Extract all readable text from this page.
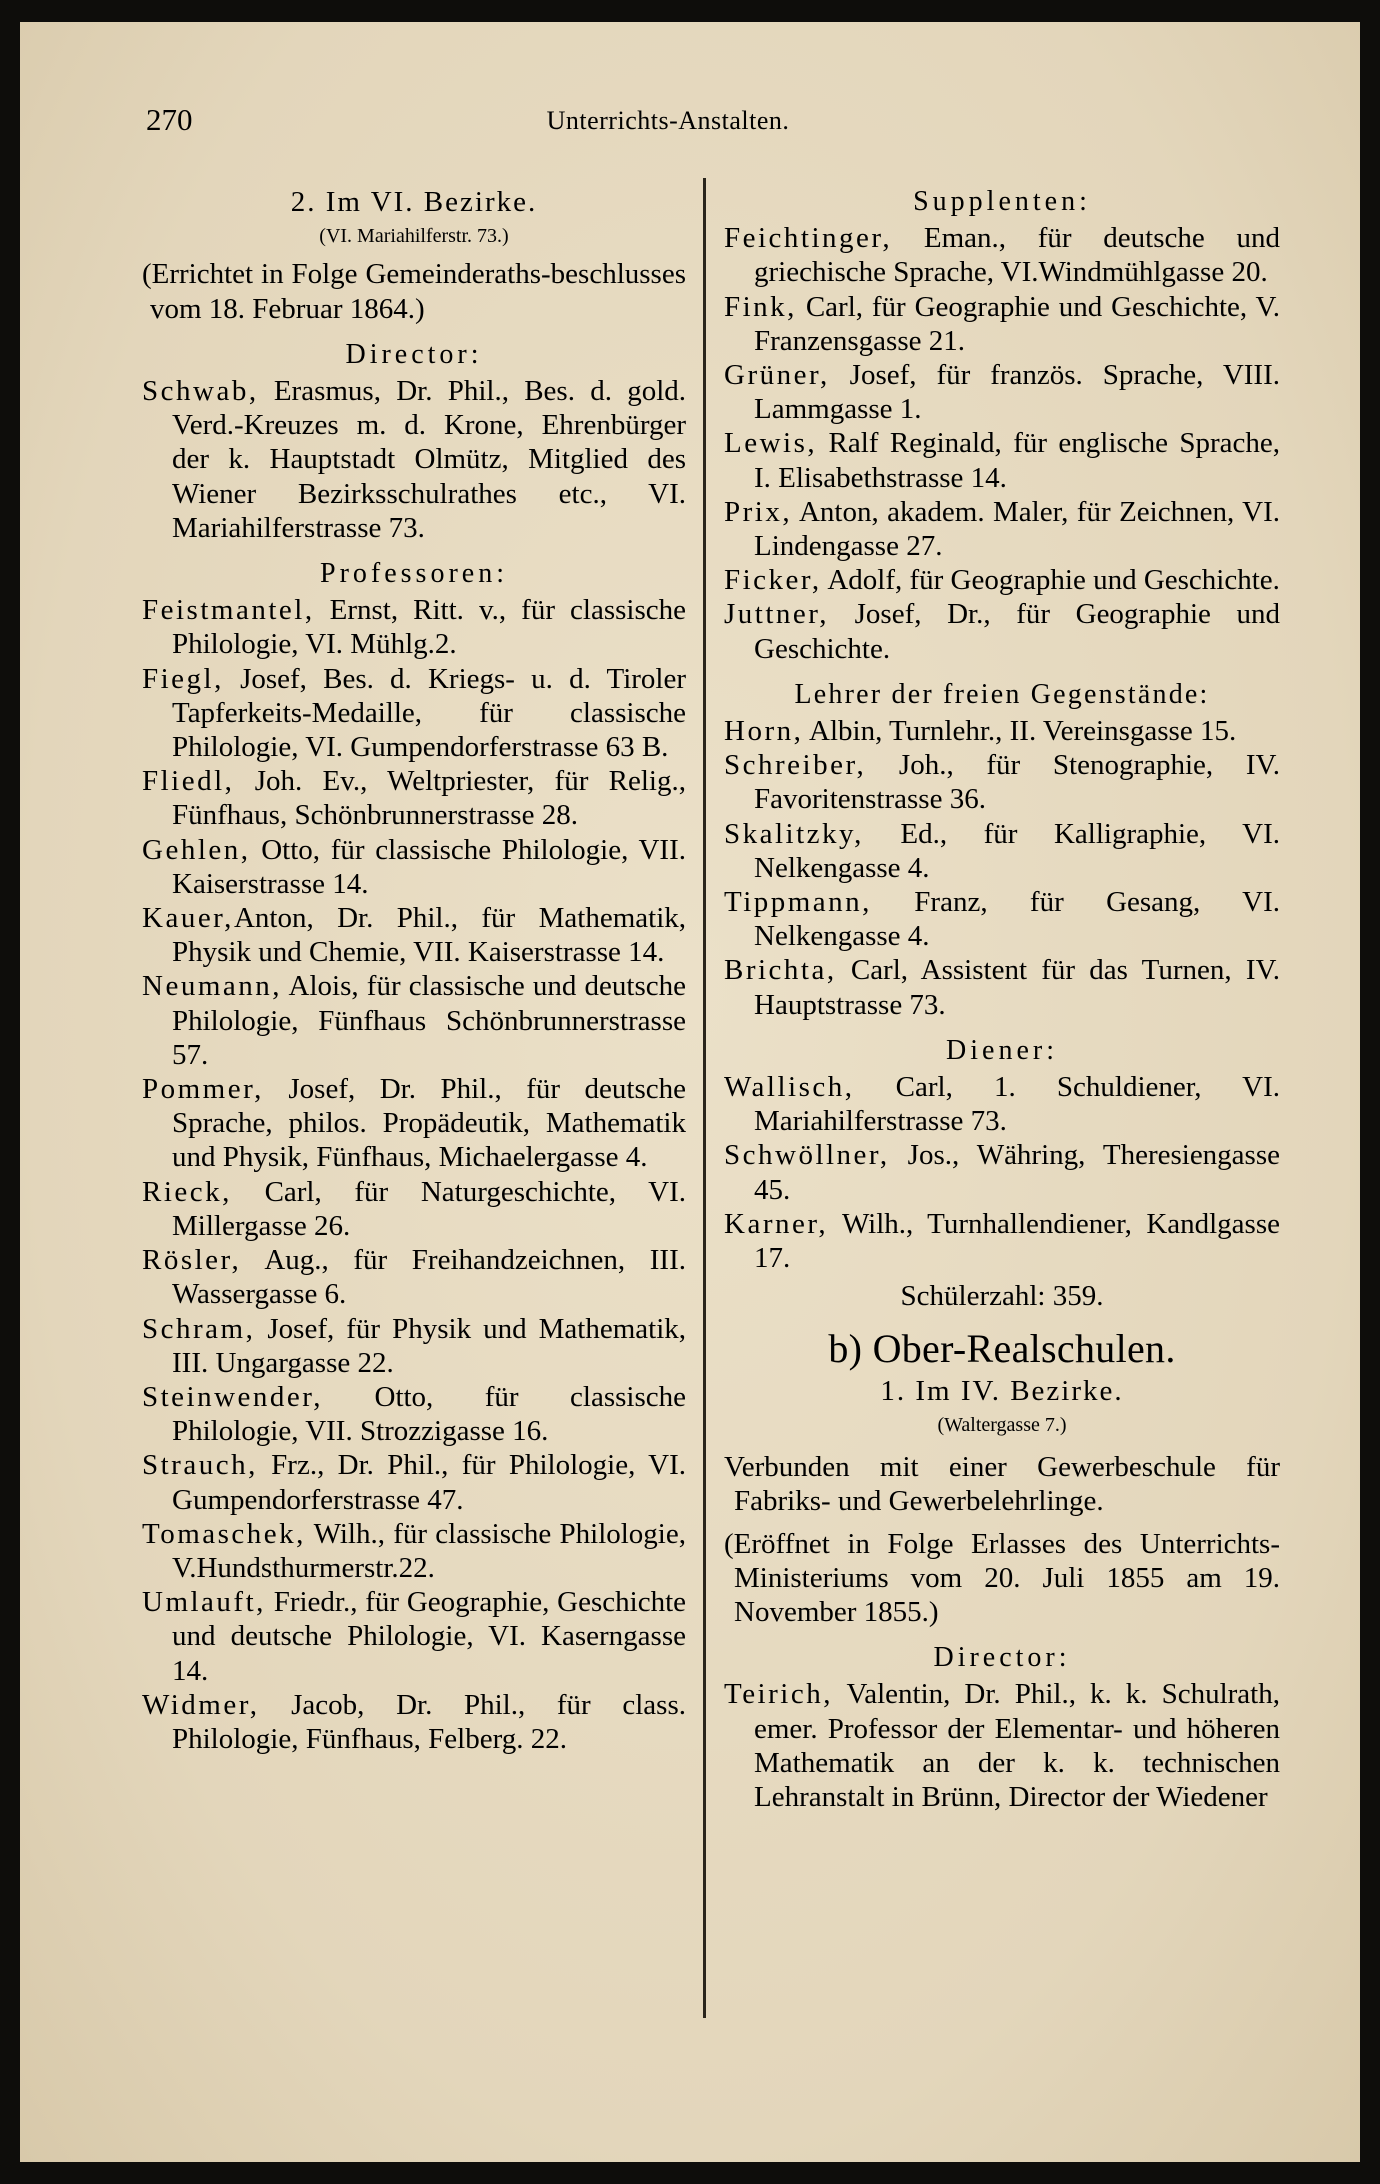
270	Unterrichts-Anstalten.

2. Im VI. Bezirke.

(VI. Mariahilferstr. 73.)

(Errichtet in Folge Gemeinderaths-beschlusses vom 18. Februar 1864.)

Director:

Schwab, Erasmus, Dr. Phil., Bes. d. gold. Verd.-Kreuzes m. d. Krone, Ehrenbürger der k. Hauptstadt Olmütz, Mitglied des Wiener Bezirksschulrathes etc., VI. Mariahilferstrasse 73.

Professoren:

Feistmantel, Ernst, Ritt. v., für classische Philologie, VI. Mühlg.2.

Fiegl, Josef, Bes. d. Kriegs- u. d. Tiroler Tapferkeits-Medaille, für classische Philologie, VI. Gumpendorferstrasse 63 B.

Fliedl, Joh. Ev., Weltpriester, für Relig., Fünfhaus, Schönbrunnerstrasse 28.

Gehlen, Otto, für classische Philologie, VII. Kaiserstrasse 14.

Kauer,Anton, Dr. Phil., für Mathematik, Physik und Chemie, VII. Kaiserstrasse 14.

Neumann, Alois, für classische und deutsche Philologie, Fünfhaus Schönbrunnerstrasse 57.

Pommer, Josef, Dr. Phil., für deutsche Sprache, philos. Propädeutik, Mathematik und Physik, Fünfhaus, Michaelergasse 4.

Rieck, Carl, für Naturgeschichte, VI. Millergasse 26.

Rösler, Aug., für Freihandzeichnen, III. Wassergasse 6.

Schram, Josef, für Physik und Mathematik, III. Ungargasse 22.

Steinwender, Otto, für classische Philologie, VII. Strozzigasse 16.

Strauch, Frz., Dr. Phil., für Philologie, VI. Gumpendorferstrasse 47.

Tomaschek, Wilh., für classische Philologie, V.Hundsthurmerstr.22.

Umlauft, Friedr., für Geographie, Geschichte und deutsche Philologie, VI. Kaserngasse 14.

Widmer, Jacob, Dr. Phil., für class. Philologie, Fünfhaus, Felberg. 22.

Supplenten:

Feichtinger, Eman., für deutsche und griechische Sprache, VI.Windmühlgasse 20.

Fink, Carl, für Geographie und Geschichte, V. Franzensgasse 21.

Grüner, Josef, für französ. Sprache, VIII. Lammgasse 1.

Lewis, Ralf Reginald, für englische Sprache, I. Elisabethstrasse 14.

Prix, Anton, akadem. Maler, für Zeichnen, VI. Lindengasse 27.

Ficker, Adolf, für Geographie und Geschichte.

Juttner, Josef, Dr., für Geographie und Geschichte.

Lehrer der freien Gegenstände:

Horn, Albin, Turnlehr., II. Vereinsgasse 15.

Schreiber, Joh., für Stenographie, IV. Favoritenstrasse 36.

Skalitzky, Ed., für Kalligraphie, VI. Nelkengasse 4.

Tippmann, Franz, für Gesang, VI. Nelkengasse 4.

Brichta, Carl, Assistent für das Turnen, IV. Hauptstrasse 73.

Diener:

Wallisch, Carl, 1. Schuldiener, VI. Mariahilferstrasse 73.

Schwöllner, Jos., Währing, Theresiengasse 45.

Karner, Wilh., Turnhallendiener, Kandlgasse 17.

Schülerzahl: 359.

b) Ober-Realschulen.

1. Im IV. Bezirke.

(Waltergasse 7.)

Verbunden mit einer Gewerbeschule für Fabriks- und Gewerbelehrlinge.

(Eröffnet in Folge Erlasses des Unterrichts-Ministeriums vom 20. Juli 1855 am 19. November 1855.)

Director:

Teirich, Valentin, Dr. Phil., k. k. Schulrath, emer. Professor der Elementar- und höheren Mathematik an der k. k. technischen Lehranstalt in Brünn, Director der Wiedener
